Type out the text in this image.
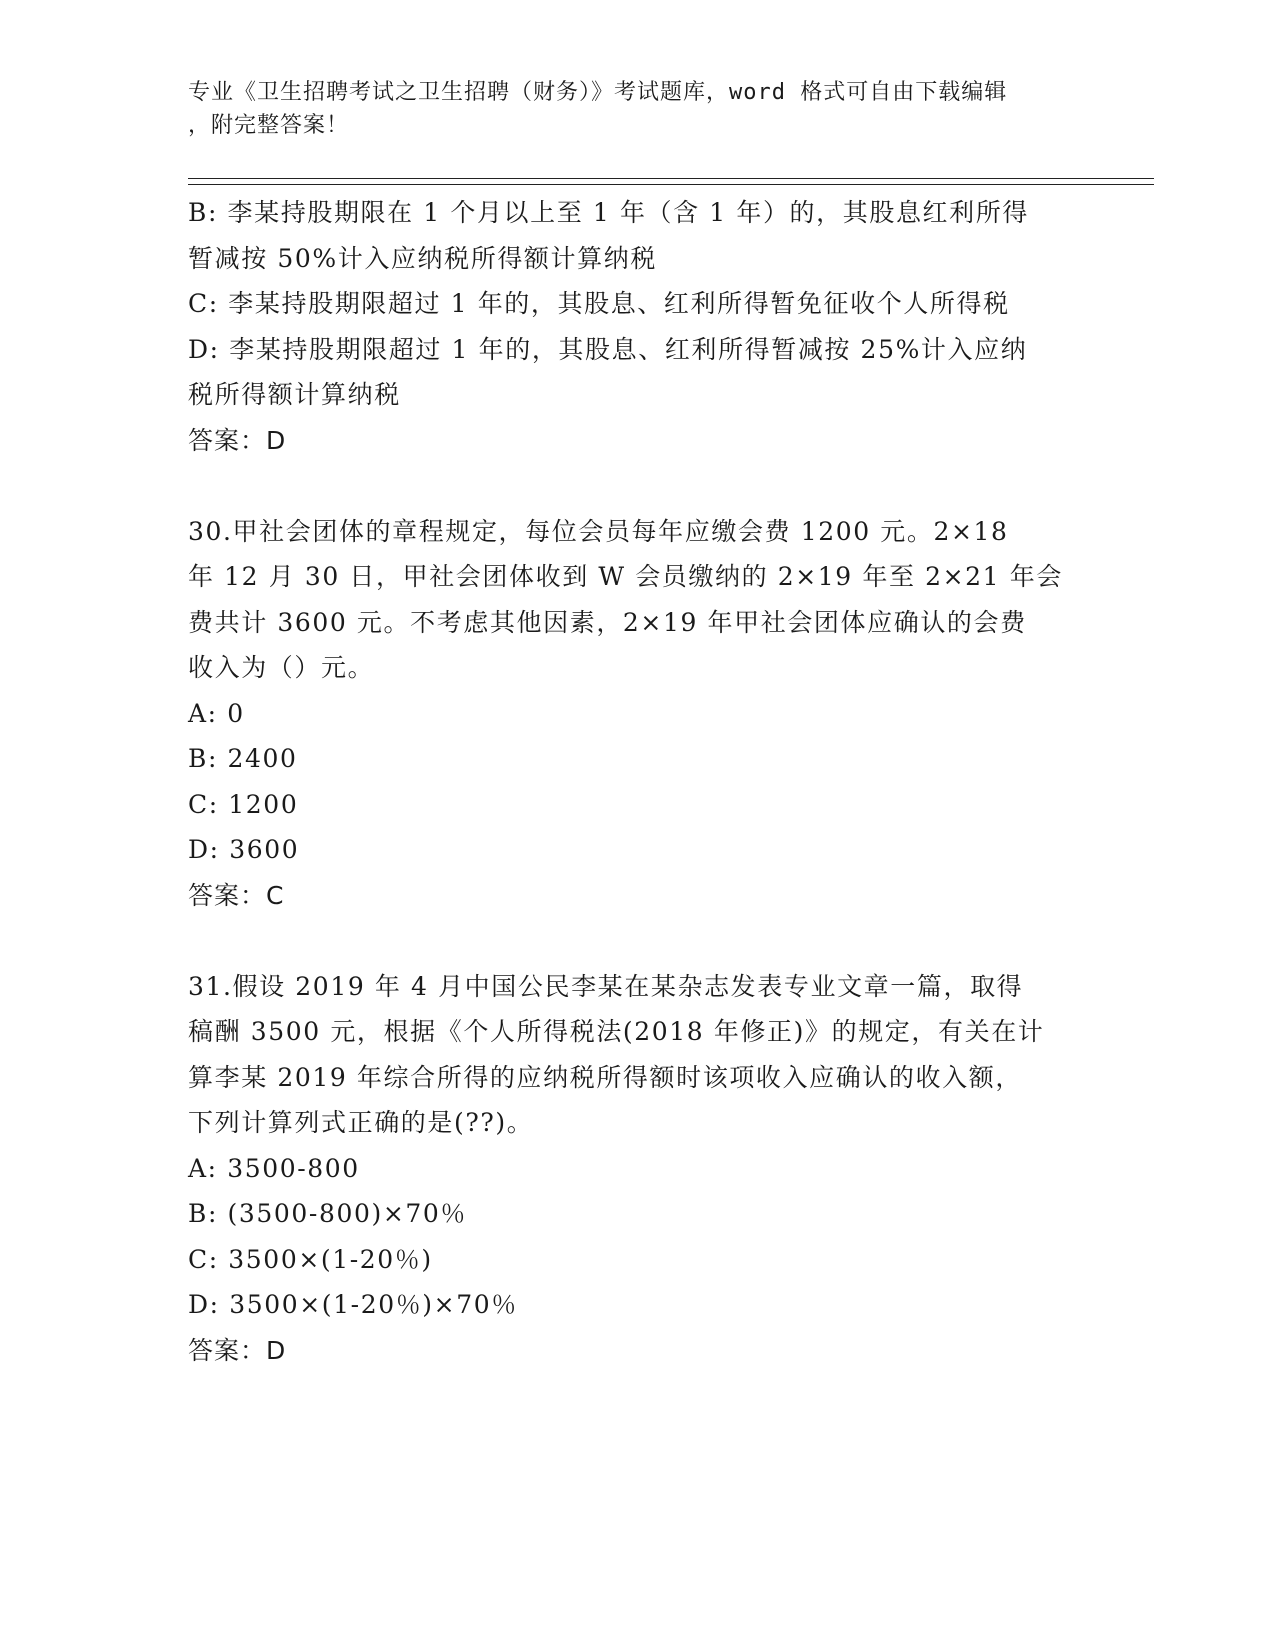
专业《卫生招聘考试之卫生招聘（财务）》考试题库，word 格式可自由下载编辑
，附完整答案！
B: 李某持股期限在 1 个月以上至 1 年（含 1 年）的，其股息红利所得
暂减按 50%计入应纳税所得额计算纳税
C: 李某持股期限超过 1 年的，其股息、红利所得暂免征收个人所得税
D: 李某持股期限超过 1 年的，其股息、红利所得暂减按 25%计入应纳
税所得额计算纳税
答案：D
30.甲社会团体的章程规定，每位会员每年应缴会费 1200 元。2×18
年 12 月 30 日，甲社会团体收到 W 会员缴纳的 2×19 年至 2×21 年会
费共计 3600 元。不考虑其他因素，2×19 年甲社会团体应确认的会费
收入为（）元。
A: 0
B: 2400
C: 1200
D: 3600
答案：C
31.假设 2019 年 4 月中国公民李某在某杂志发表专业文章一篇，取得
稿酬 3500 元，根据《个人所得税法(2018 年修正)》的规定，有关在计
算李某 2019 年综合所得的应纳税所得额时该项收入应确认的收入额，
下列计算列式正确的是(??)。
A: 3500-800
B: (3500-800)×70％
C: 3500×(1-20％)
D: 3500×(1-20％)×70％
答案：D
